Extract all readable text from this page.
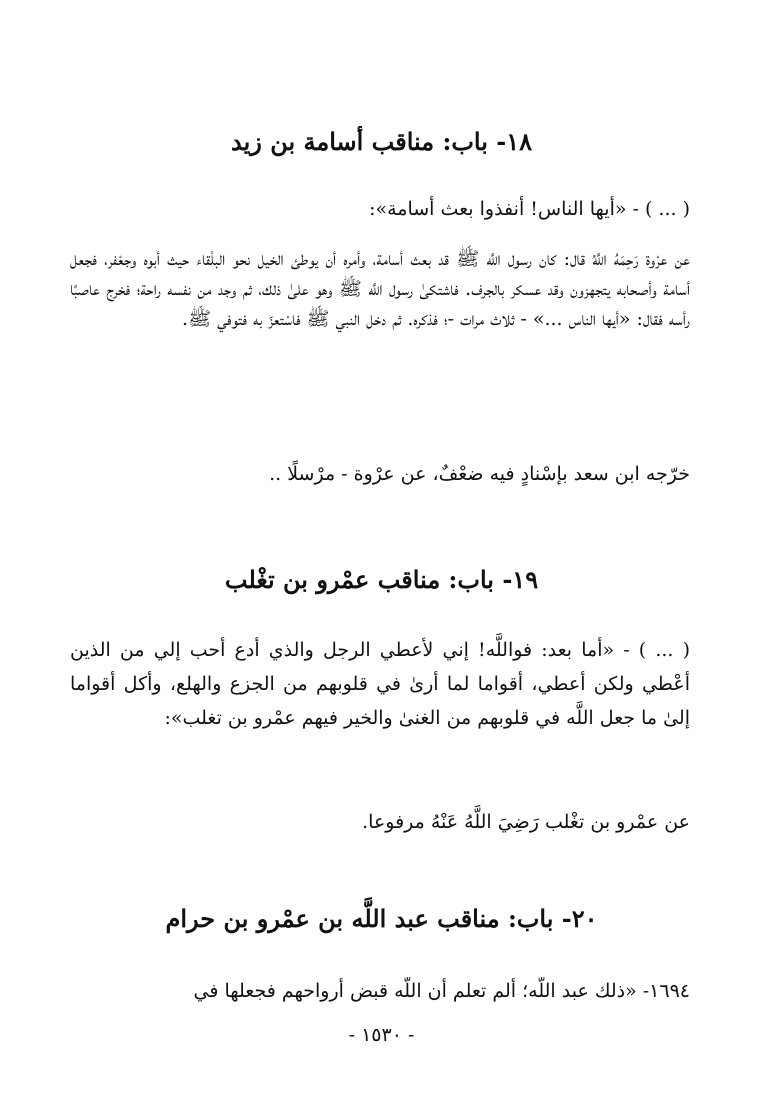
١٨- باب: مناقب أسامة بن زيد

( ... ) - «أيها الناس! أنفذوا بعث أسامة»:

عن عرْوة رَحِمَهُ اللَّهُ قال: كان رسول اللَّه ﷺ قد بعث أسامة، وأمره أن يوطئ الخيل نحو البلْقاء حيث أبوه وجعْفر، فجعل أسامة وأصحابه يتجهزون وقد عسكر بالجرف. فاشتكىٰ رسول اللَّه ﷺ وهو علىٰ ذلك، ثم وجد من نفسه راحة؛ فخرج عاصبًا رأسه فقال: «أيها الناس ...» - ثلاث مرات -؛ فذكره. ثم دخل النبي ﷺ فاسْتعزّ به فتوفي ﷺ.

خرّجه ابن سعد بإسْنادٍ فيه ضعْفٌ، عن عرْوة - مرْسلًا ..

١٩- باب: مناقب عمْرو بن تغْلب

( ... ) - «أما بعد: فواللَّه! إني لأعطي الرجل والذي أدع أحب إلي من الذين أعْطي ولكن أعطي، أقواما لما أرىٰ في قلوبهم من الجزع والهلع، وأكل أقواما إلىٰ ما جعل اللَّه في قلوبهم من الغنىٰ والخير فيهم عمْرو بن تغلب»:

عن عمْرو بن تغْلب رَضِيَ اللَّهُ عَنْهُ مرفوعا.

٢٠- باب: مناقب عبد اللَّه بن عمْرو بن حرام

١٦٩٤- «ذلك عبد اللَّه؛ ألم تعلم أن اللَّه قبض أرواحهم فجعلها في

- ١٥٣٠ -
